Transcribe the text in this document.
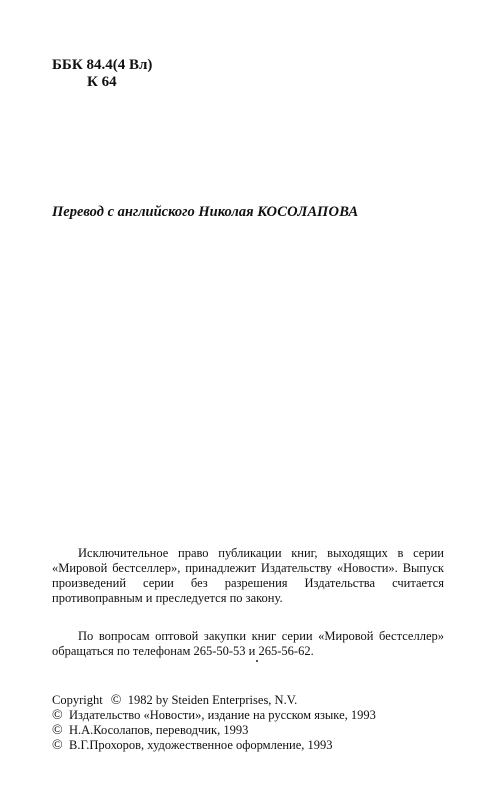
ББК 84.4(4 Вл)
К 64
Перевод с английского Николая КОСОЛАПОВА

Исключительное право публикации книг, выходящих в серии «Мировой бестселлер», принадлежит Издательству «Новости». Выпуск произведений серии без разрешения Издательства считается противоправным и преследуется по закону.

По вопросам оптовой закупки книг серии «Мировой бестселлер» обращаться по телефонам 265-50-53 и 265-56-62.

Copyright © 1982 by Steiden Enterprises, N.V.
© Издательство «Новости», издание на русском языке, 1993
© Н.А.Косолапов, переводчик, 1993
© В.Г.Прохоров, художественное оформление, 1993
